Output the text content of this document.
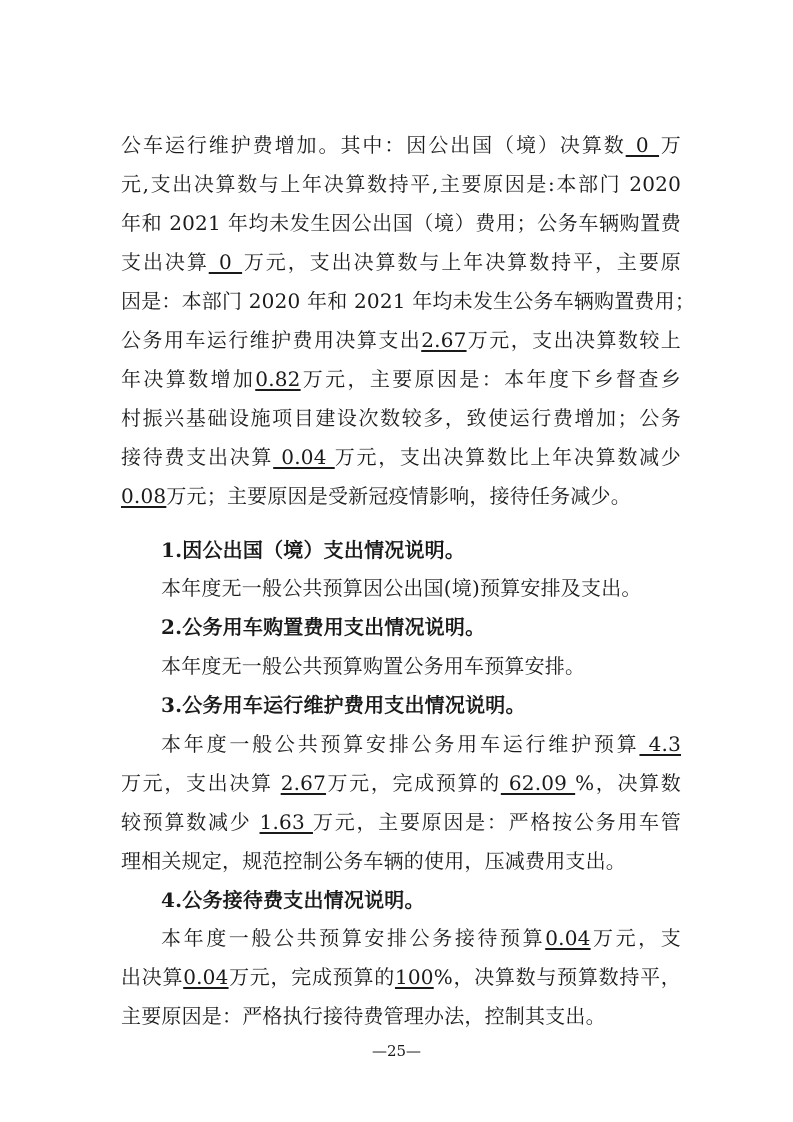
公车运行维护费增加。其中：因公出国（境）决算数_0_万
元,支出决算数与上年决算数持平,主要原因是:本部门 2020
年和 2021 年均未发生因公出国（境）费用；公务车辆购置费
支出决算_0_万元，支出决算数与上年决算数持平，主要原
因是：本部门 2020 年和 2021 年均未发生公务车辆购置费用；
公务用车运行维护费用决算支出2.67万元，支出决算数较上
年决算数增加0.82万元，主要原因是：本年度下乡督查乡
村振兴基础设施项目建设次数较多，致使运行费增加；公务
接待费支出决算 0.04 万元，支出决算数比上年决算数减少
0.08万元；主要原因是受新冠疫情影响，接待任务减少。
1.因公出国（境）支出情况说明。
本年度无一般公共预算因公出国(境)预算安排及支出。
2.公务用车购置费用支出情况说明。
本年度无一般公共预算购置公务用车预算安排。
3.公务用车运行维护费用支出情况说明。
本年度一般公共预算安排公务用车运行维护预算 4.3
万元，支出决算 2.67万元，完成预算的 62.09 %，决算数
较预算数减少 1.63 万元，主要原因是：严格按公务用车管
理相关规定，规范控制公务车辆的使用，压减费用支出。
4.公务接待费支出情况说明。
本年度一般公共预算安排公务接待预算0.04万元，支
出决算0.04万元，完成预算的100%，决算数与预算数持平，
主要原因是：严格执行接待费管理办法，控制其支出。
—25—
